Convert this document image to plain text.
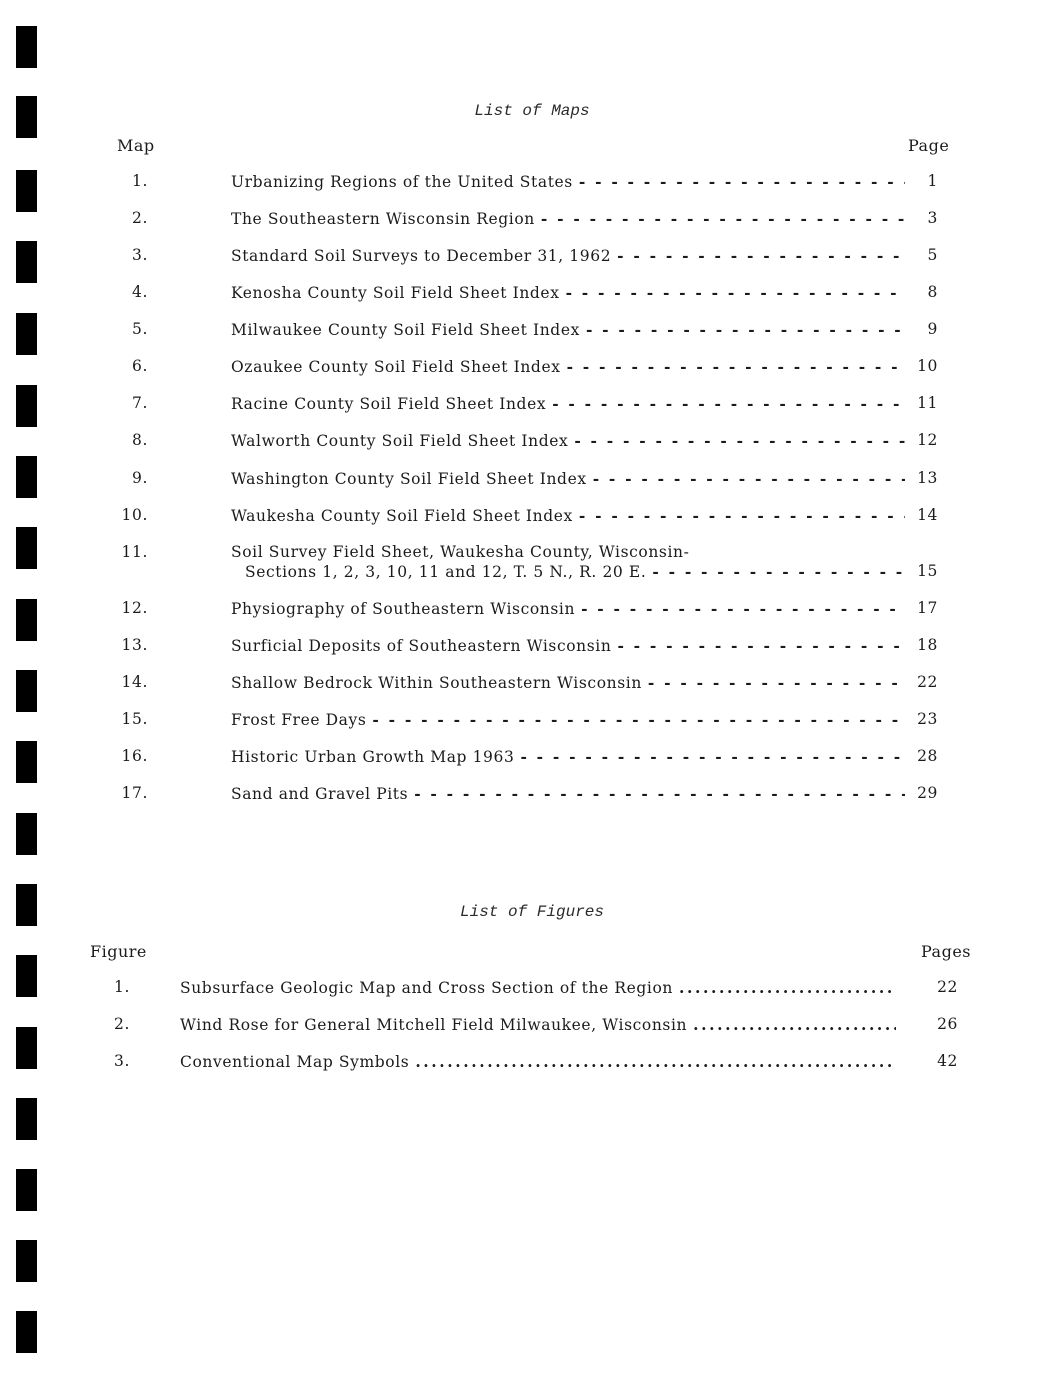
List of Maps
Map	Page
1.	Urbanizing Regions of the United States - - -	1
2.	The Southeastern Wisconsin Region - - -	3
3.	Standard Soil Surveys to December 31, 1962 - - -	5
4.	Kenosha County Soil Field Sheet Index - - -	8
5.	Milwaukee County Soil Field Sheet Index - - -	9
6.	Ozaukee County Soil Field Sheet Index - - -	10
7.	Racine County Soil Field Sheet Index - - -	11
8.	Walworth County Soil Field Sheet Index - - -	12
9.	Washington County Soil Field Sheet Index - - -	13
10.	Waukesha County Soil Field Sheet Index - - -	14
11.	Soil Survey Field Sheet, Waukesha County, Wisconsin-
Sections 1, 2, 3, 10, 11 and 12, T. 5 N., R. 20 E. - - -	15
12.	Physiography of Southeastern Wisconsin - - -	17
13.	Surficial Deposits of Southeastern Wisconsin - - -	18
14.	Shallow Bedrock Within Southeastern Wisconsin - - -	22
15.	Frost Free Days - - -	23
16.	Historic Urban Growth Map 1963 - - -	28
17.	Sand and Gravel Pits - - -	29
List of Figures
Figure	Pages
1.	Subsurface Geologic Map and Cross Section of the Region . . .	22
2.	Wind Rose for General Mitchell Field Milwaukee, Wisconsin . . .	26
3.	Conventional Map Symbols . . .	42
